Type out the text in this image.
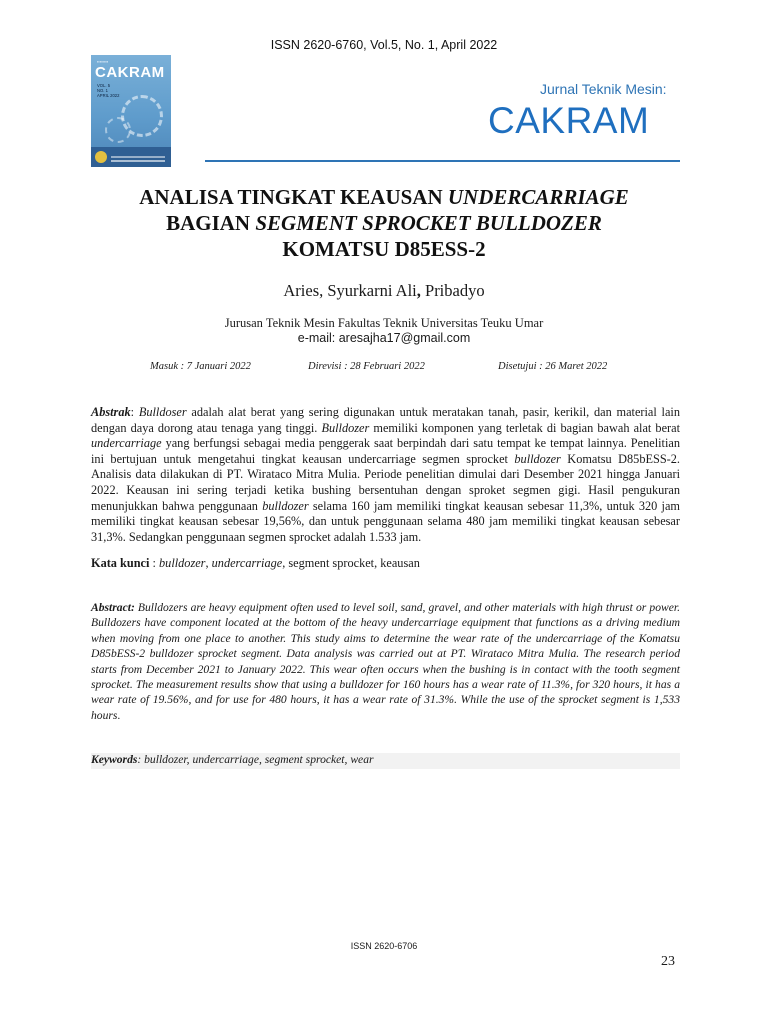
ISSN 2620-6760, Vol.5, No. 1, April 2022
▪▪▪▪▪▪▪▪
CAKRAM
VOL. 5
NO. 1
APRIL 2022	Jurnal Teknik Mesin:
CAKRAM
ANALISA TINGKAT KEAUSAN UNDERCARRIAGE
BAGIAN SEGMENT SPROCKET BULLDOZER
KOMATSU D85ESS-2
Aries, Syurkarni Ali, Pribadyo
Jurusan Teknik Mesin Fakultas Teknik Universitas Teuku Umar
e-mail: aresajha17@gmail.com
Masuk : 7 Januari 2022	Direvisi : 28 Februari 2022	Disetujui : 26 Maret 2022
Abstrak: Bulldoser adalah alat berat yang sering digunakan untuk meratakan tanah, pasir, kerikil, dan material lain dengan daya dorong atau tenaga yang tinggi. Bulldozer memiliki komponen yang terletak di bagian bawah alat berat undercarriage yang berfungsi sebagai media penggerak saat berpindah dari satu tempat ke tempat lainnya. Penelitian ini bertujuan untuk mengetahui tingkat keausan undercarriage segmen sprocket bulldozer Komatsu D85bESS-2. Analisis data dilakukan di PT. Wirataco Mitra Mulia. Periode penelitian dimulai dari Desember 2021 hingga Januari 2022. Keausan ini sering terjadi ketika bushing bersentuhan dengan sproket segmen gigi. Hasil pengukuran menunjukkan bahwa penggunaan bulldozer selama 160 jam memiliki tingkat keausan sebesar 11,3%, untuk 320 jam memiliki tingkat keausan sebesar 19,56%, dan untuk penggunaan selama 480 jam memiliki tingkat keausan sebesar 31,3%. Sedangkan penggunaan segmen sprocket adalah 1.533 jam.
Kata kunci : bulldozer, undercarriage, segment sprocket, keausan
Abstract: Bulldozers are heavy equipment often used to level soil, sand, gravel, and other materials with high thrust or power. Bulldozers have component located at the bottom of the heavy undercarriage equipment that functions as a driving medium when moving from one place to another. This study aims to determine the wear rate of the undercarriage of the Komatsu D85bESS-2 bulldozer sprocket segment. Data analysis was carried out at PT. Wirataco Mitra Mulia. The research period starts from December 2021 to January 2022. This wear often occurs when the bushing is in contact with the tooth segment sprocket. The measurement results show that using a bulldozer for 160 hours has a wear rate of 11.3%, for 320 hours, it has a wear rate of 19.56%, and for use for 480 hours, it has a wear rate of 31.3%. While the use of the sprocket segment is 1,533 hours.
Keywords: bulldozer, undercarriage, segment sprocket, wear
ISSN 2620-6706
23
